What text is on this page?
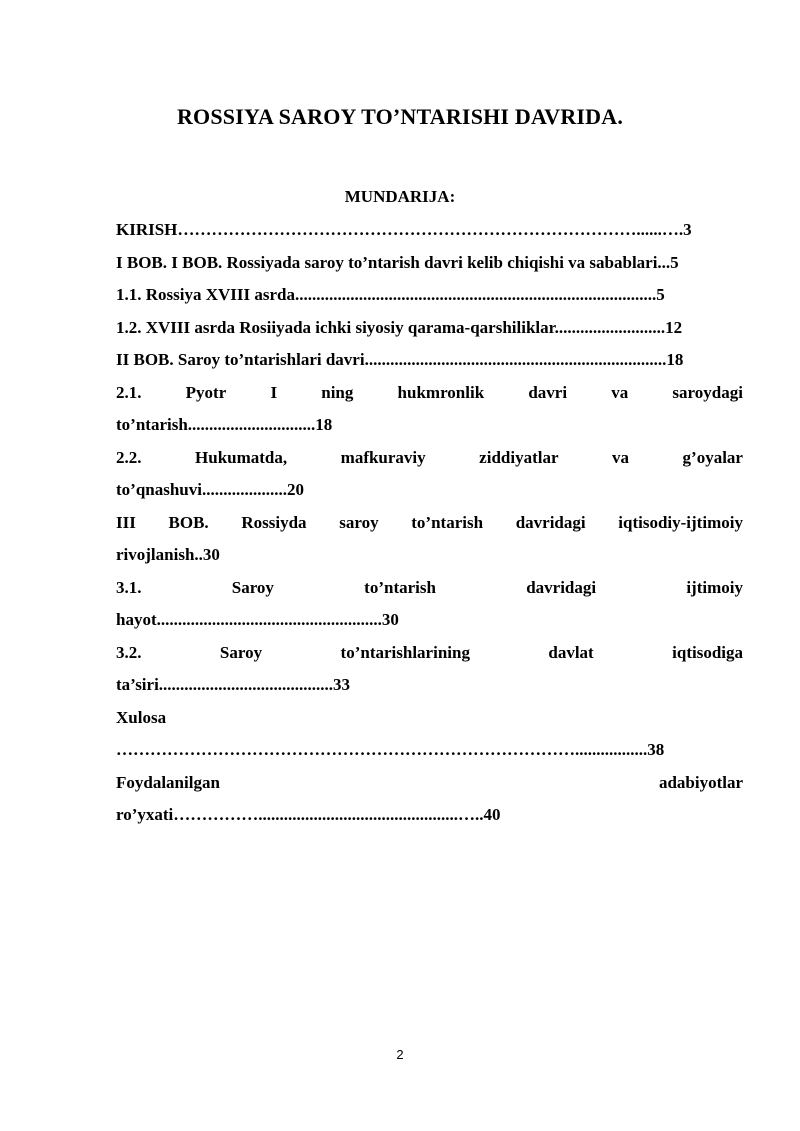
ROSSIYA SAROY TO’NTARISHI DAVRIDA.
MUNDARIJA:
KIRISH………………………………………………………………………......….3
I BOB. I BOB. Rossiyada saroy to’ntarish davri kelib chiqishi va sabablari...5
1.1. Rossiya XVIII asrda.....................................................................................5
1.2. XVIII asrda Rosiiyada ichki siyosiy qarama-qarshiliklar..........................12
II BOB. Saroy to’ntarishlari davri.......................................................................18
2.1.	Pyotr	I	ning	hukmronlik	davri	va	saroydagi
to’ntarish..............................18
2.2.	Hukumatda,	mafkuraviy	ziddiyatlar	va	g’oyalar
to’qnashuvi....................20
III BOB. Rossiyda saroy to’ntarish davridagi iqtisodiy-ijtimoiy
rivojlanish..30
3.1.	Saroy	to’ntarish	davridagi	ijtimoiy
hayot.....................................................30
3.2.	Saroy	to’ntarishlarining	davlat	iqtisodiga
ta’siri.........................................33
Xulosa
……………………………………………………………………….................38
Foydalanilgan	adabiyotlar
ro’yxati……………...............................................…..40
2
